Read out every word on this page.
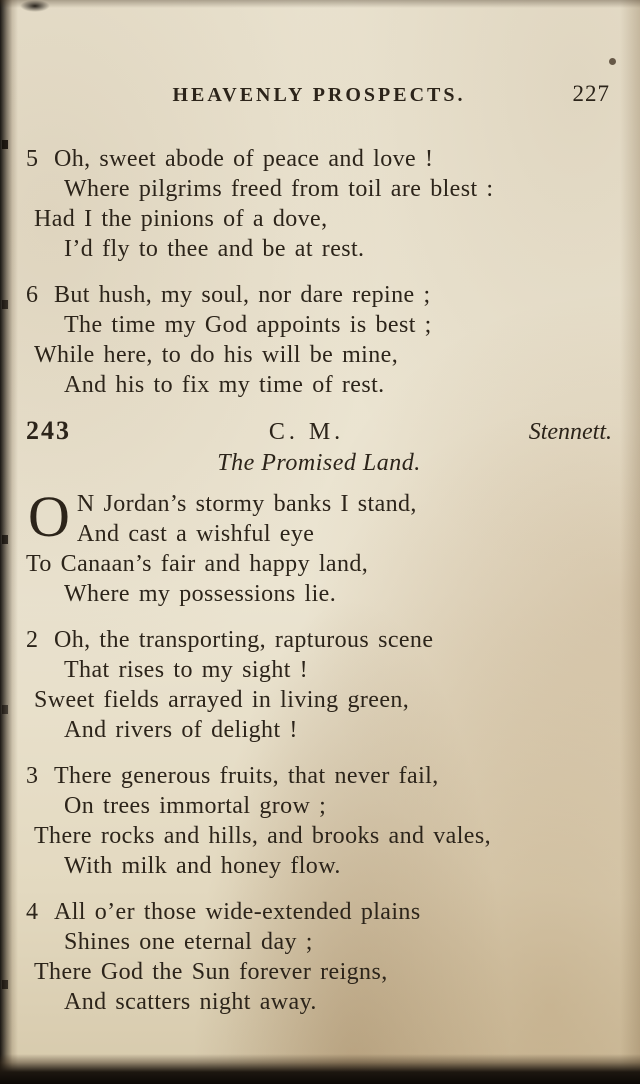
HEAVENLY PROSPECTS.	227
5 Oh, sweet abode of peace and love !
Where pilgrims freed from toil are blest :
Had I the pinions of a dove,
I’d fly to thee and be at rest.
6 But hush, my soul, nor dare repine ;
The time my God appoints is best ;
While here, to do his will be mine,
And his to fix my time of rest.
243	C. M.	Stennett.
The Promised Land.
O N Jordan’s stormy banks I stand,
And cast a wishful eye
To Canaan’s fair and happy land,
Where my possessions lie.
2 Oh, the transporting, rapturous scene
That rises to my sight !
Sweet fields arrayed in living green,
And rivers of delight !
3 There generous fruits, that never fail,
On trees immortal grow ;
There rocks and hills, and brooks and vales,
With milk and honey flow.
4 All o’er those wide-extended plains
Shines one eternal day ;
There God the Sun forever reigns,
And scatters night away.
